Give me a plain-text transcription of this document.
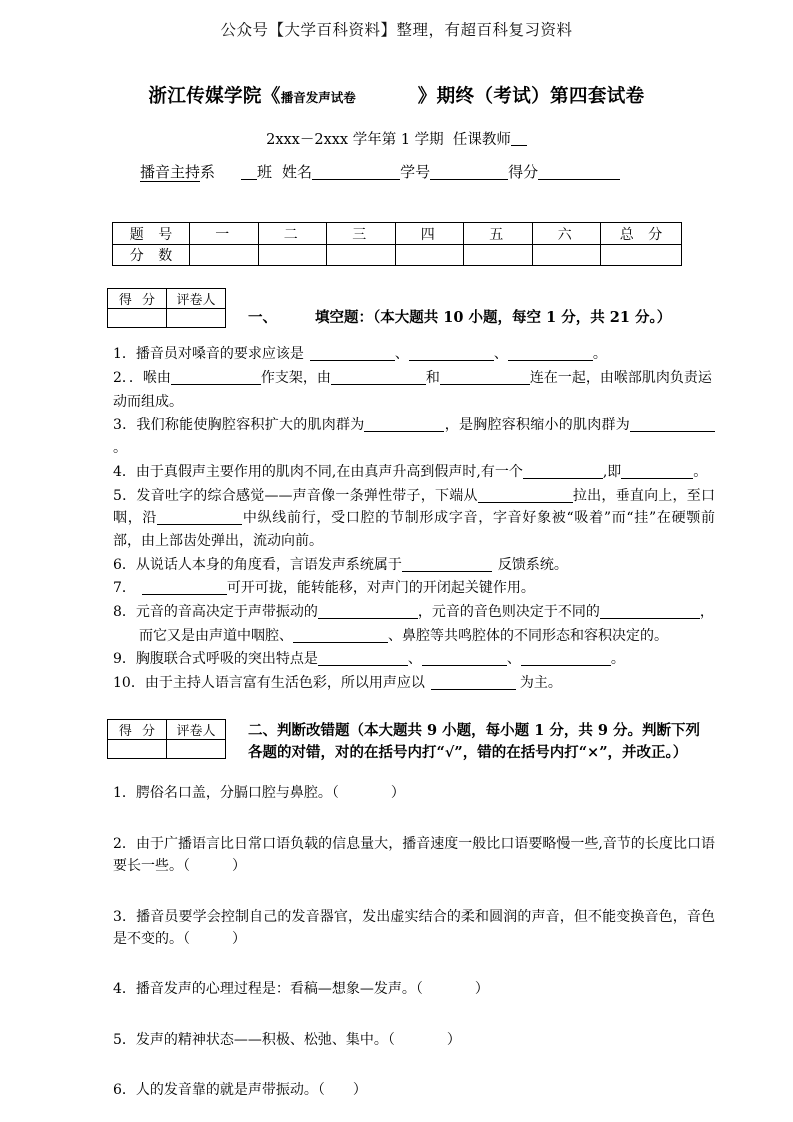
公众号【大学百科资料】整理，有超百科复习资料
浙江传媒学院《播音发声试卷	》期终（考试）第四套试卷
2xxx－2xxx 学年第 1 学期  任课教师
播音主持系	班 姓名	学号	得分
题 号	一	二	三	四	五	六	总 分
分 数							
得 分	评卷人

一、	填空题：（本大题共 10 小题，每空 1 分，共 21 分。）
1．播音员对嗓音的要求应该是	、	、	。
2．．喉由	作支架，由	和	连在一起，由喉部肌肉负责运
动而组成。
3．我们称能使胸腔容积扩大的肌肉群为	，是胸腔容积缩小的肌肉群为。
4．由于真假声主要作用的肌肉不同,在由真声升高到假声时,有一个	,即	。
5．发音吐字的综合感觉——声音像一条弹性带子，下端从	拉出，垂直向上，至口咽，沿	中纵线前行，受口腔的节制形成字音，字音好象被“吸着”而“挂”在硬颚前部，由上部齿处弹出，流动向前。
6．从说话人本身的角度看，言语发声系统属于	反馈系统。
7．	可开可拢，能转能移，对声门的开闭起关键作用。
8．元音的音高决定于声带振动的	，元音的音色则决定于不同的	，
而它又是由声道中咽腔、	、鼻腔等共鸣腔体的不同形态和容积决定的。
9．胸腹联合式呼吸的突出特点是	、	、	。
10．由于主持人语言富有生活色彩，所以用声应以	为主。
得 分	评卷人
	二、判断改错题（本大题共 9 小题，每小题 1 分，共 9 分。判断下列各题的对错，对的在括号内打“√”，错的在括号内打“×”，并改正。）
1．腭俗名口盖，分膈口腔与鼻腔。（	）
2．由于广播语言比日常口语负载的信息量大，播音速度一般比口语要略慢一些,音节的长度比口语要长一些。（	）
3．播音员要学会控制自己的发音器官，发出虚实结合的柔和圆润的声音，但不能变换音色，音色是不变的。（	）
4．播音发声的心理过程是：看稿—想象—发声。（	）
5．发声的精神状态——积极、松弛、集中。（	）
6．人的发音靠的就是声带振动。（ ）
